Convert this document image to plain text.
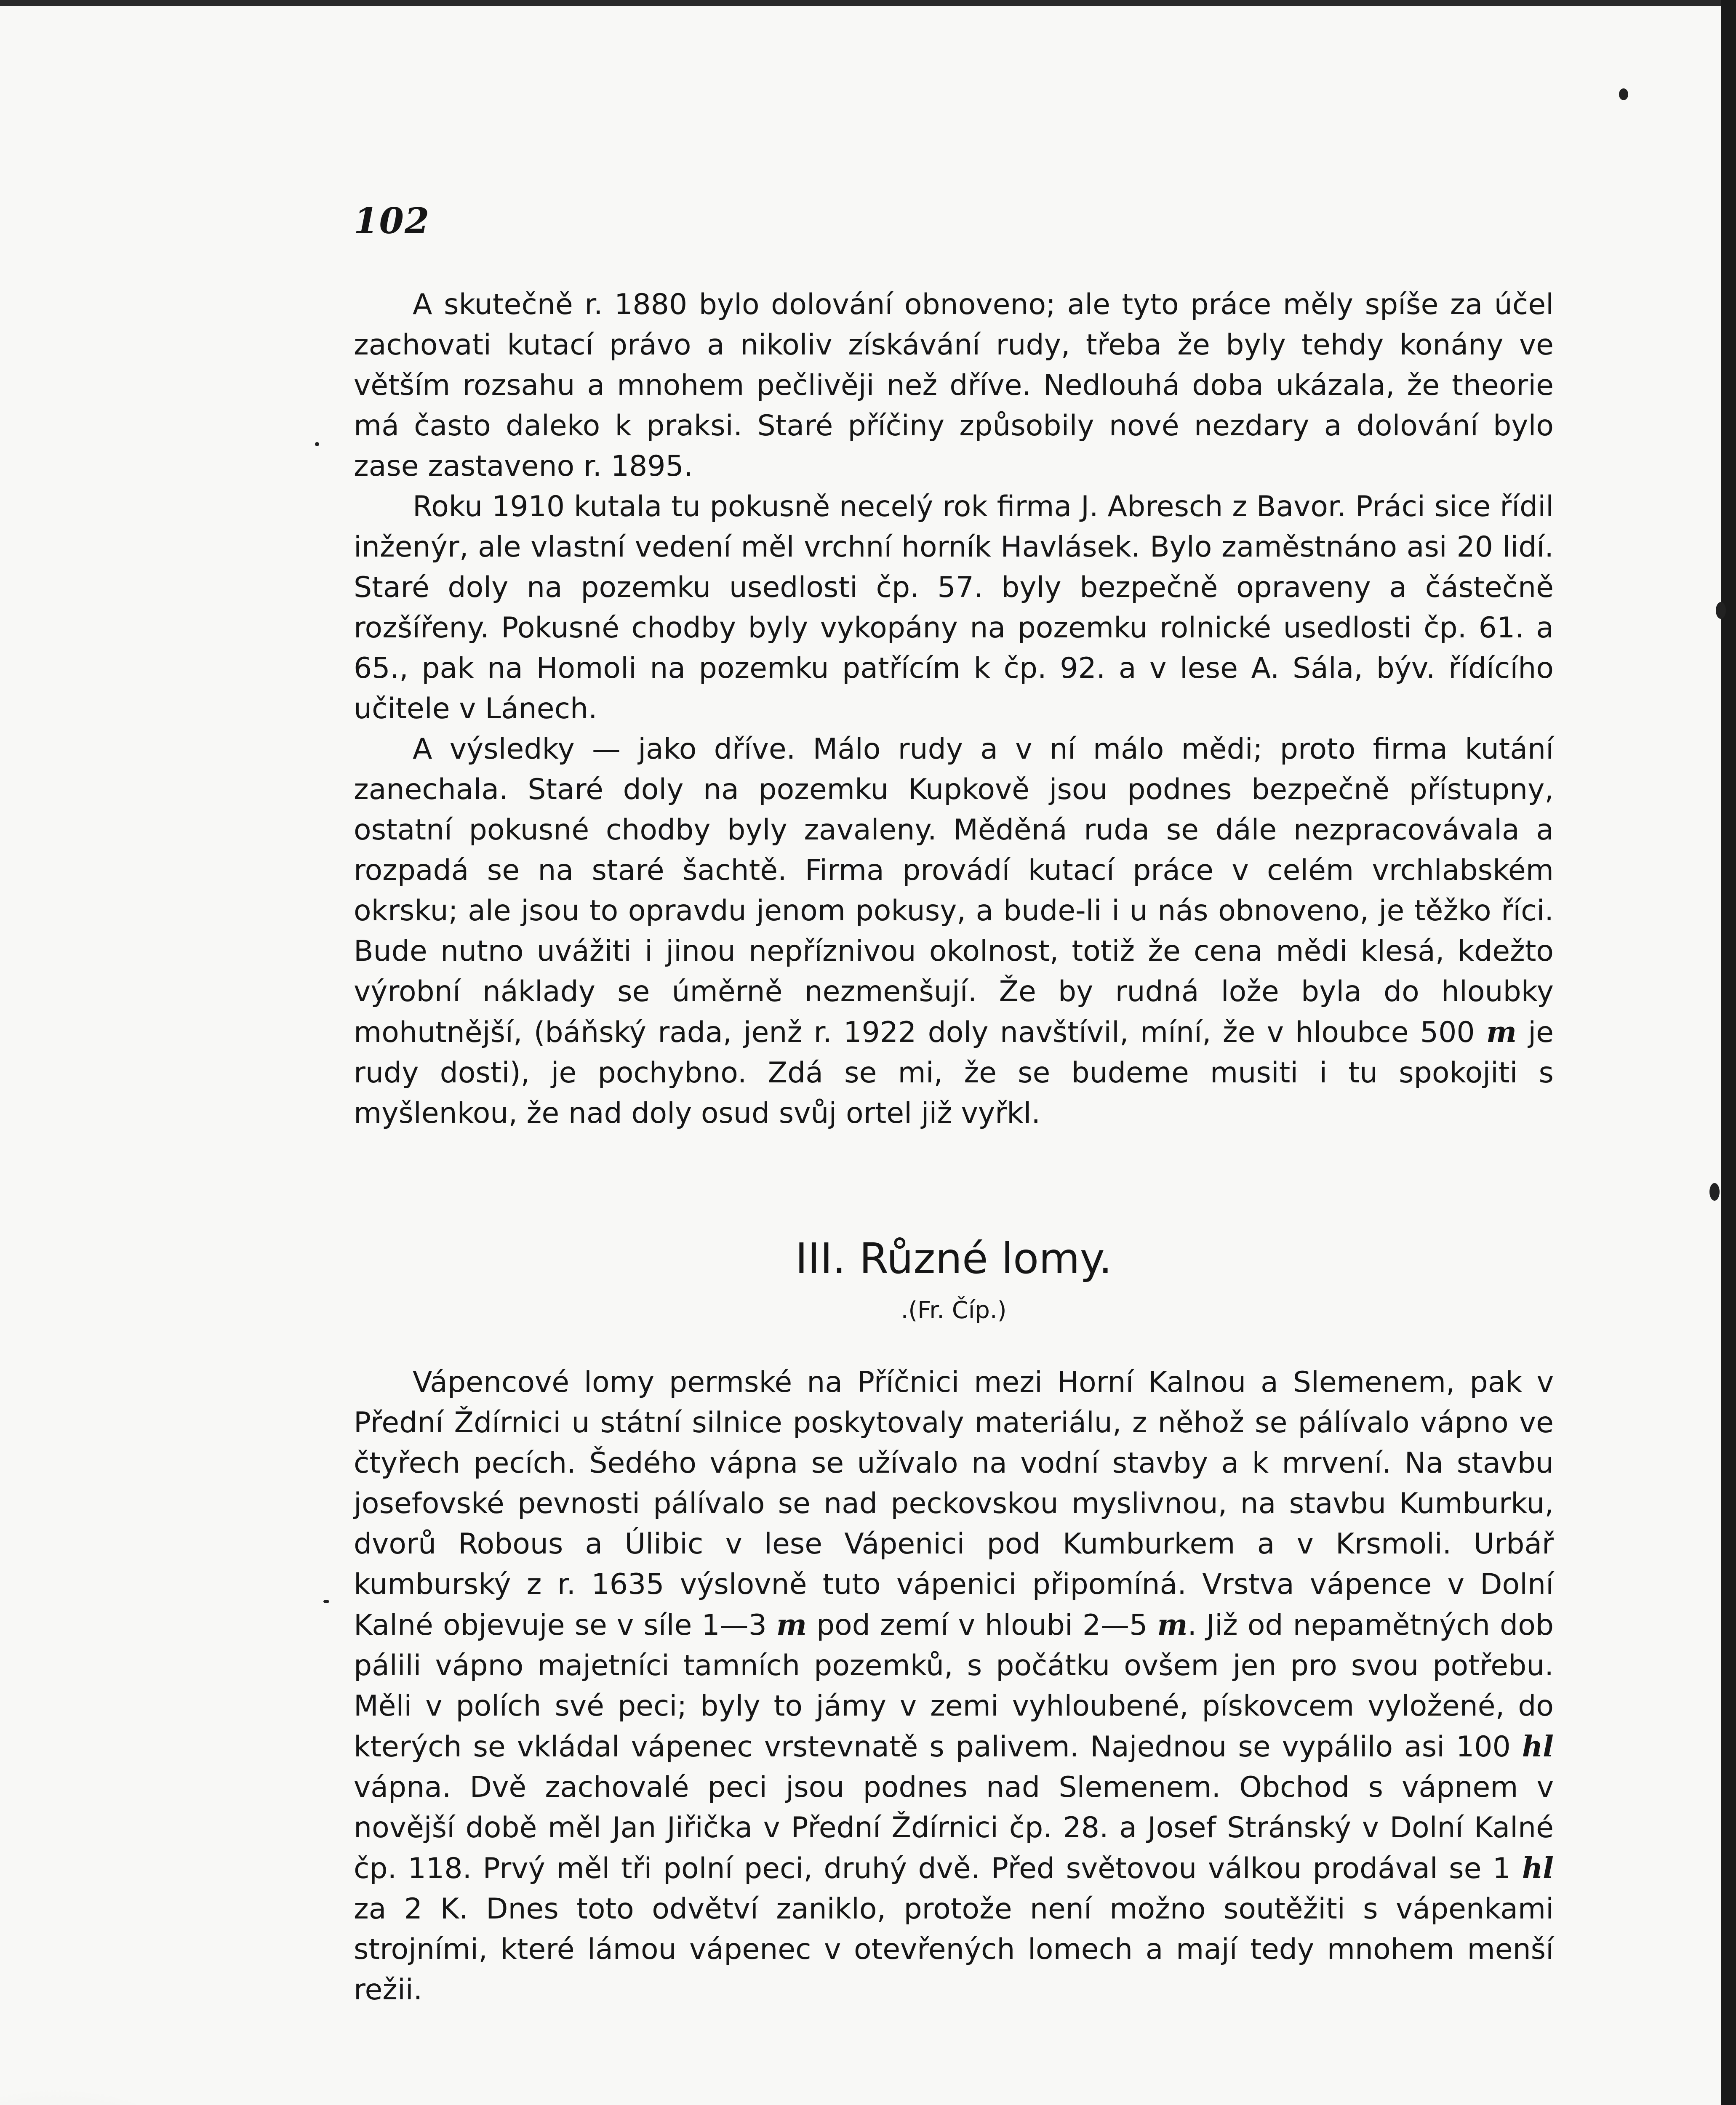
102

A skutečně r. 1880 bylo dolování obnoveno; ale tyto práce měly spíše za účel zachovati kutací právo a nikoliv získávání rudy, třeba že byly tehdy konány ve větším rozsahu a mnohem pečlivěji než dříve. Nedlouhá doba ukázala, že theorie má často daleko k praksi. Staré příčiny způsobily nové nezdary a dolování bylo zase zastaveno r. 1895.

Roku 1910 kutala tu pokusně necelý rok firma J. Abresch z Bavor. Práci sice řídil inženýr, ale vlastní vedení měl vrchní horník Havlásek. Bylo zaměstnáno asi 20 lidí. Staré doly na pozemku usedlosti čp. 57. byly bezpečně opraveny a částečně rozšířeny. Pokusné chodby byly vykopány na pozemku rolnické usedlosti čp. 61. a 65., pak na Homoli na pozemku patřícím k čp. 92. a v lese A. Sála, býv. řídícího učitele v Lánech.

A výsledky — jako dříve. Málo rudy a v ní málo mědi; proto firma kutání zanechala. Staré doly na pozemku Kupkově jsou podnes bezpečně přístupny, ostatní pokusné chodby byly zavaleny. Měděná ruda se dále nezpracovávala a rozpadá se na staré šachtě. Firma provádí kutací práce v celém vrchlabském okrsku; ale jsou to opravdu jenom pokusy, a bude-li i u nás obnoveno, je těžko říci. Bude nutno uvážiti i jinou nepříznivou okolnost, totiž že cena mědi klesá, kdežto výrobní náklady se úměrně nezmenšují. Že by rudná lože byla do hloubky mohutnější, (báňský rada, jenž r. 1922 doly navštívil, míní, že v hloubce 500 m je rudy dosti), je pochybno. Zdá se mi, že se budeme musiti i tu spokojiti s myšlenkou, že nad doly osud svůj ortel již vyřkl.

III. Různé lomy.
.(Fr. Číp.)

Vápencové lomy permské na Příčnici mezi Horní Kalnou a Slemenem, pak v Přední Ždírnici u státní silnice poskytovaly materiálu, z něhož se pálívalo vápno ve čtyřech pecích. Šedého vápna se užívalo na vodní stavby a k mrvení. Na stavbu josefovské pevnosti pálívalo se nad peckovskou myslivnou, na stavbu Kumburku, dvorů Robous a Úlibic v lese Vápenici pod Kumburkem a v Krsmoli. Urbář kumburský z r. 1635 výslovně tuto vápenici připomíná. Vrstva vápence v Dolní Kalné objevuje se v síle 1—3 m pod zemí v hloubi 2—5 m. Již od nepamětných dob pálili vápno majetníci tamních pozemků, s počátku ovšem jen pro svou potřebu. Měli v polích své peci; byly to jámy v zemi vyhloubené, pískovcem vyložené, do kterých se vkládal vápenec vrstevnatě s palivem. Najednou se vypálilo asi 100 hl vápna. Dvě zachovalé peci jsou podnes nad Slemenem. Obchod s vápnem v novější době měl Jan Jiřička v Přední Ždírnici čp. 28. a Josef Stránský v Dolní Kalné čp. 118. Prvý měl tři polní peci, druhý dvě. Před světovou válkou prodával se 1 hl za 2 K. Dnes toto odvětví zaniklo, protože není možno soutěžiti s vápenkami strojními, které lámou vápenec v otevřených lomech a mají tedy mnohem menší režii.
